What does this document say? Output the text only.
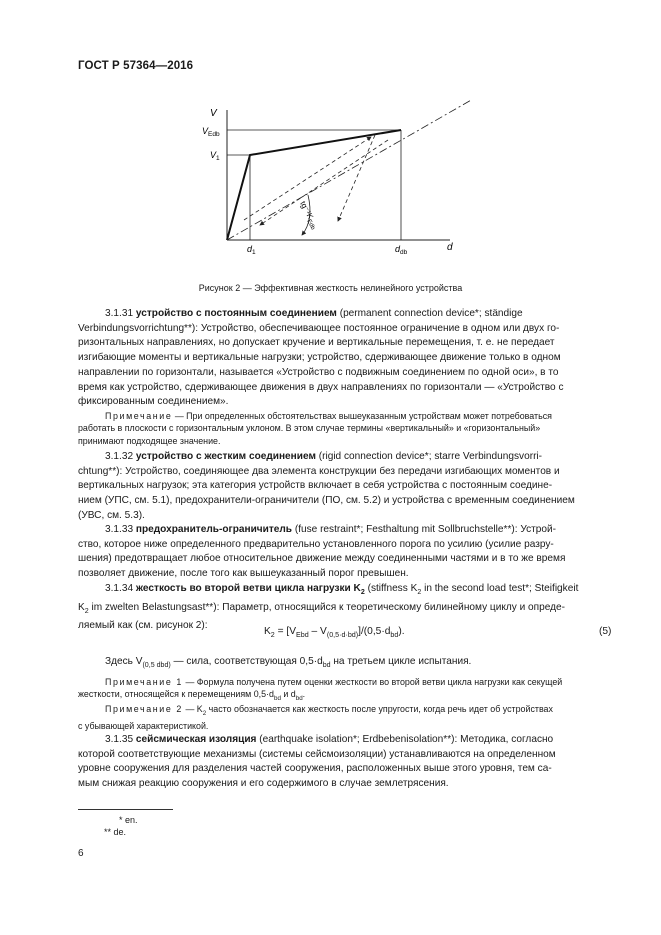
ГОСТ Р 57364—2016
V
$V_{Edb}$
$V_1$
$d_1$	$d_{db}$	d
$tg^{-1}K_{Edb}$
Рисунок 2 — Эффективная жесткость нелинейного устройства
3.1.31 устройство с постоянным соединением (permanent connection device*; ständige
Verbindungsvorrichtung**): Устройство, обеспечивающее постоянное ограничение в одном или двух го-
ризонтальных направлениях, но допускает кручение и вертикальные перемещения, т. е. не передает
изгибающие моменты и вертикальные нагрузки; устройство, сдерживающее движение только в одном
направлении по горизонтали, называется «Устройство с подвижным соединением по одной оси», в то
время как устройство, сдерживающее движения в двух направлениях по горизонтали — «Устройство с
фиксированным соединением».
Примечание — При определенных обстоятельствах вышеуказанным устройствам может потребоваться
работать в плоскости с горизонтальным уклоном. В этом случае термины «вертикальный» и «горизонтальный»
принимают подходящее значение.
3.1.32 устройство с жестким соединением (rigid connection device*; starre Verbindungsvorri-
chtung**): Устройство, соединяющее два элемента конструкции без передачи изгибающих моментов и
вертикальных нагрузок; эта категория устройств включает в себя устройства с постоянным соедине-
нием (УПС, см. 5.1), предохранители-ограничители (ПО, см. 5.2) и устройства с временным соединением
(УВС, см. 5.3).
3.1.33 предохранитель-ограничитель (fuse restraint*; Festhaltung mit Sollbruchstelle**): Устрой-
ство, которое ниже определенного предварительно установленного порога по усилию (усилие разру-
шения) предотвращает любое относительное движение между соединенными частями и в то же время
позволяет движение, после того как вышеуказанный порог превышен.
3.1.34 жесткость во второй ветви цикла нагрузки $K_2$ (stiffness $K_2$ in the second load test*; Steifigkeit
$K_2$ im zwelten Belastungsast**): Параметр, относящийся к теоретическому билинейному циклу и опреде-
ляемый как (см. рисунок 2):
$K_2 = [V_{Ebd} - V_{(0,5\cdot d\cdot bd)}]/(0,5\cdot d_{bd})$.	(5)
Здесь $V_{(0,5 dbd)}$ — сила, соответствующая $0,5\cdot d_{bd}$ на третьем цикле испытания.
Примечание 1 — Формула получена путем оценки жесткости во второй ветви цикла нагрузки как секущей
жесткости, относящейся к перемещениям $0,5\cdot d_{bd}$ и $d_{bd}$.
Примечание 2 — $K_2$ часто обозначается как жесткость после упругости, когда речь идет об устройствах
с убывающей характеристикой.
3.1.35 сейсмическая изоляция (earthquake isolation*; Erdbebenisolation**): Методика, согласно
которой соответствующие механизмы (системы сейсмоизоляции) устанавливаются на определенном
уровне сооружения для разделения частей сооружения, расположенных выше этого уровня, тем са-
мым снижая реакцию сооружения и его содержимого в случае землетрясения.
* en.
** de.
6
